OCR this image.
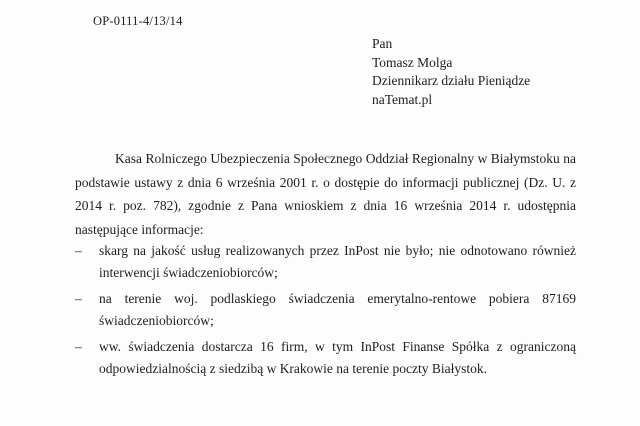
OP-0111-4/13/14
Pan
Tomasz Molga
Dziennikarz działu Pieniądze
naTemat.pl
Kasa Rolniczego Ubezpieczenia Społecznego Oddział Regionalny w Białymstoku na
podstawie ustawy z dnia 6 września 2001 r. o dostępie do informacji publicznej (Dz. U. z
2014 r. poz. 782), zgodnie z Pana wnioskiem z dnia 16 września 2014 r. udostępnia
następujące informacje:
– skarg na jakość usług realizowanych przez InPost nie było; nie odnotowano również
interwencji świadczeniobiorców;
– na terenie woj. podlaskiego świadczenia emerytalno-rentowe pobiera 87169
świadczeniobiorców;
– ww. świadczenia dostarcza 16 firm, w tym InPost Finanse Spółka z ograniczoną
odpowiedzialnością z siedzibą w Krakowie na terenie poczty Białystok.
